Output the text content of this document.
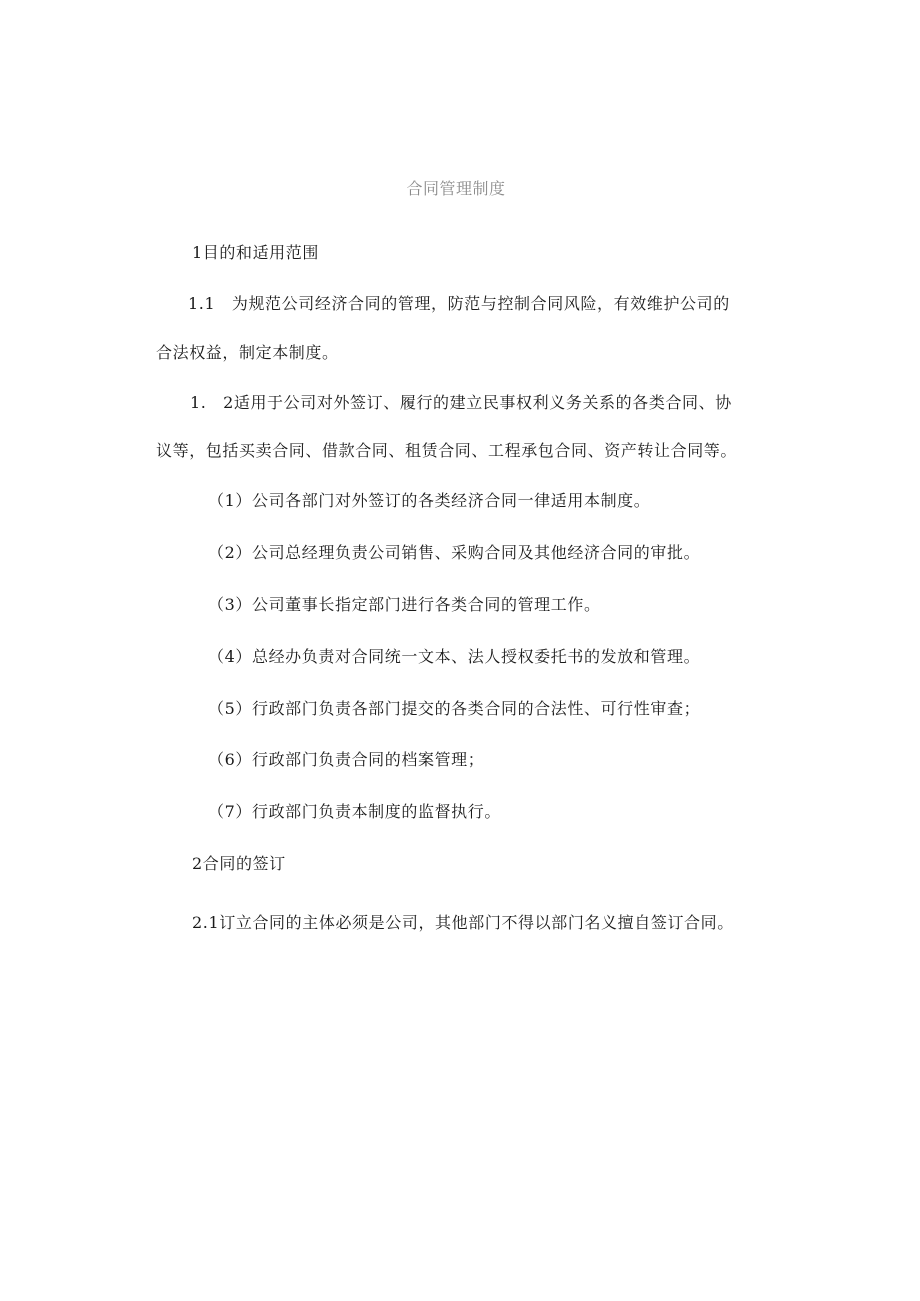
合同管理制度
1目的和适用范围
1.1　为规范公司经济合同的管理，防范与控制合同风险，有效维护公司的
合法权益，制定本制度。
1.　2适用于公司对外签订、履行的建立民事权利义务关系的各类合同、协
议等，包括买卖合同、借款合同、租赁合同、工程承包合同、资产转让合同等。
（1）公司各部门对外签订的各类经济合同一律适用本制度。
（2）公司总经理负责公司销售、采购合同及其他经济合同的审批。
（3）公司董事长指定部门进行各类合同的管理工作。
（4）总经办负责对合同统一文本、法人授权委托书的发放和管理。
（5）行政部门负责各部门提交的各类合同的合法性、可行性审查；
（6）行政部门负责合同的档案管理；
（7）行政部门负责本制度的监督执行。
2合同的签订
2.1订立合同的主体必须是公司，其他部门不得以部门名义擅自签订合同。
